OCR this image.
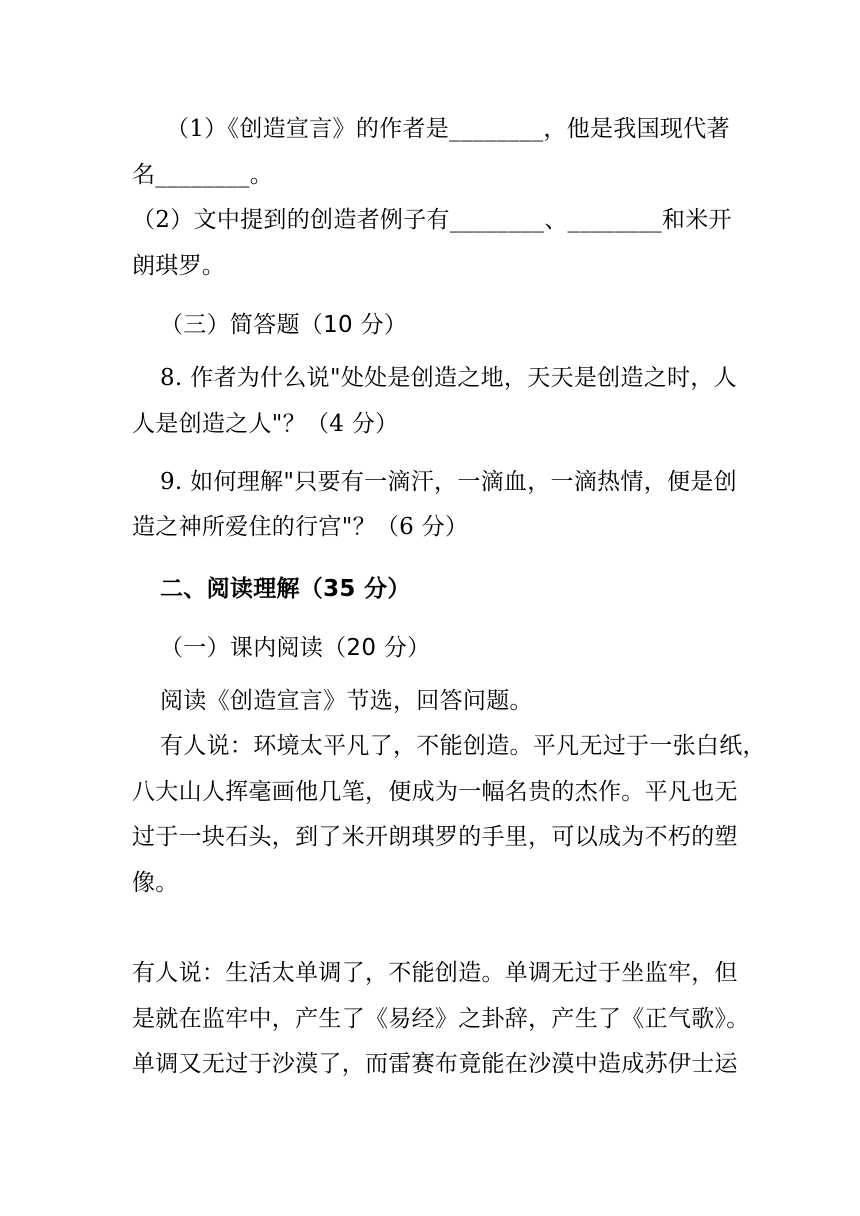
（1）《创造宣言》的作者是________，他是我国现代著
名________。
（2）文中提到的创造者例子有________、________和米开
朗琪罗。
（三）简答题（10 分）
8. 作者为什么说"处处是创造之地，天天是创造之时，人
人是创造之人"？（4 分）
9. 如何理解"只要有一滴汗，一滴血，一滴热情，便是创
造之神所爱住的行宫"？（6 分）
二、阅读理解（35 分）
（一）课内阅读（20 分）
阅读《创造宣言》节选，回答问题。
有人说：环境太平凡了，不能创造。平凡无过于一张白纸，
八大山人挥毫画他几笔，便成为一幅名贵的杰作。平凡也无
过于一块石头，到了米开朗琪罗的手里，可以成为不朽的塑
像。
有人说：生活太单调了，不能创造。单调无过于坐监牢，但
是就在监牢中，产生了《易经》之卦辞，产生了《正气歌》。
单调又无过于沙漠了，而雷赛布竟能在沙漠中造成苏伊士运
